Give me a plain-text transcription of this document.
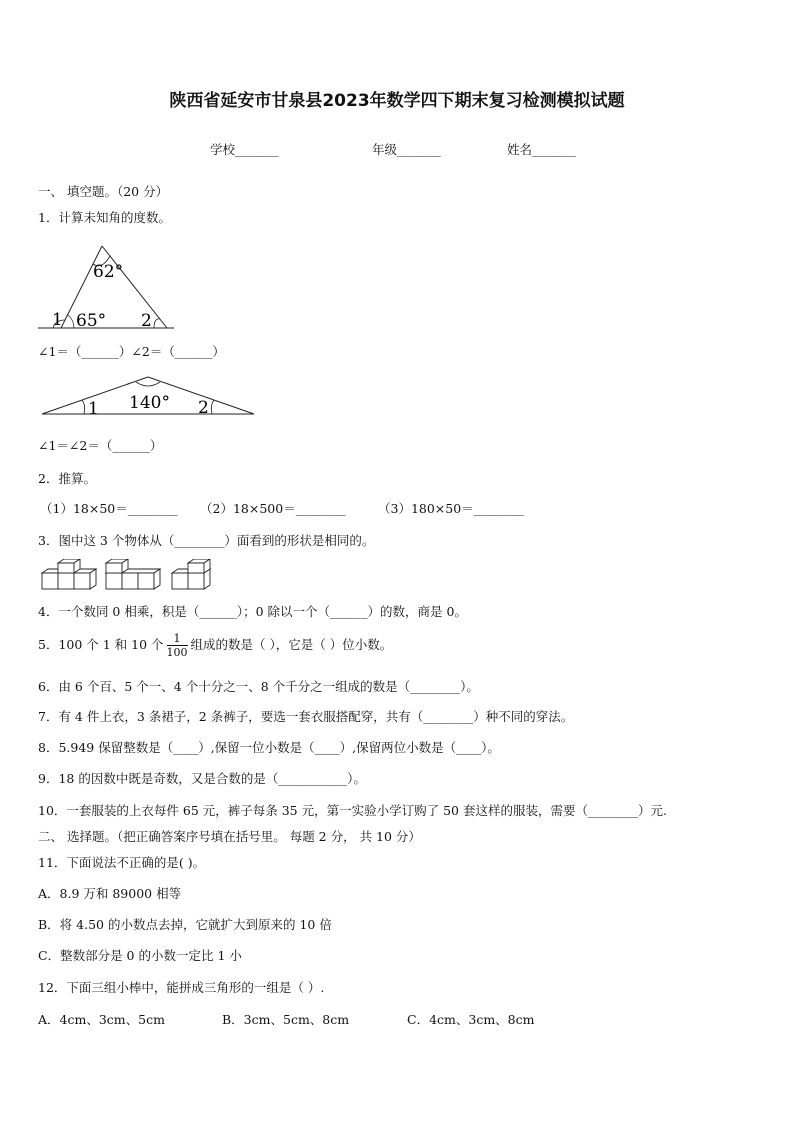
陕西省延安市甘泉县2023年数学四下期末复习检测模拟试题
学校_______	年级_______	姓名_______
一、 填空题。（20 分）
1．计算未知角的度数。
62°
1 65° 2
∠1＝（______）∠2＝（______）
140°
1	2
∠1＝∠2＝（______）
2．推算。
（1）18×50＝________ （2）18×500＝________	（3）180×50＝________
3．图中这 3 个物体从（________）面看到的形状是相同的。
4．一个数同 0 相乘，积是（______）；0 除以一个（______）的数，商是 0。
5．100 个 1 和 10 个 $\frac{1}{100}$ 组成的数是（ ），它是（ ）位小数。
6．由 6 个百、5 个一、4 个十分之一、8 个千分之一组成的数是（________）。
7．有 4 件上衣，3 条裙子，2 条裤子，要选一套衣服搭配穿，共有（________）种不同的穿法。
8．5.949 保留整数是（____）,保留一位小数是（____）,保留两位小数是（____）。
9．18 的因数中既是奇数，又是合数的是（___________）。
10．一套服装的上衣每件 65 元，裤子每条 35 元，第一实验小学订购了 50 套这样的服装，需要（________）元.
二、 选择题。（把正确答案序号填在括号里。 每题 2 分， 共 10 分）
11．下面说法不正确的是( )。
A．8.9 万和 89000 相等
B．将 4.50 的小数点去掉，它就扩大到原来的 10 倍
C．整数部分是 0 的小数一定比 1 小
12．下面三组小棒中，能拼成三角形的一组是（ ）.
A．4cm、3cm、5cm	B．3cm、5cm、8cm	C．4cm、3cm、8cm
